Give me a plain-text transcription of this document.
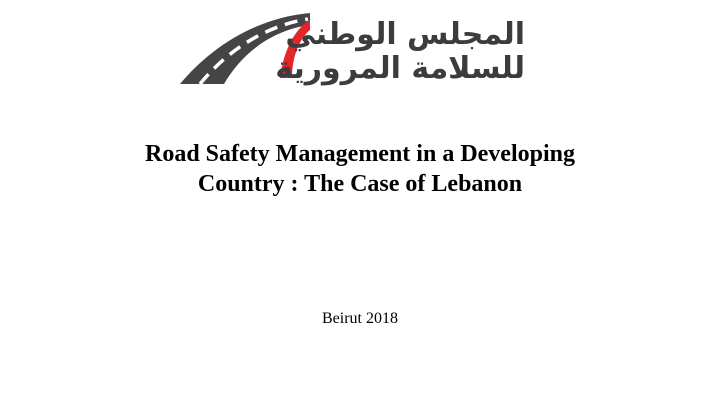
المجلس الوطني
للسلامة المرورية
Road Safety Management in a Developing
Country : The Case of Lebanon
Beirut 2018
